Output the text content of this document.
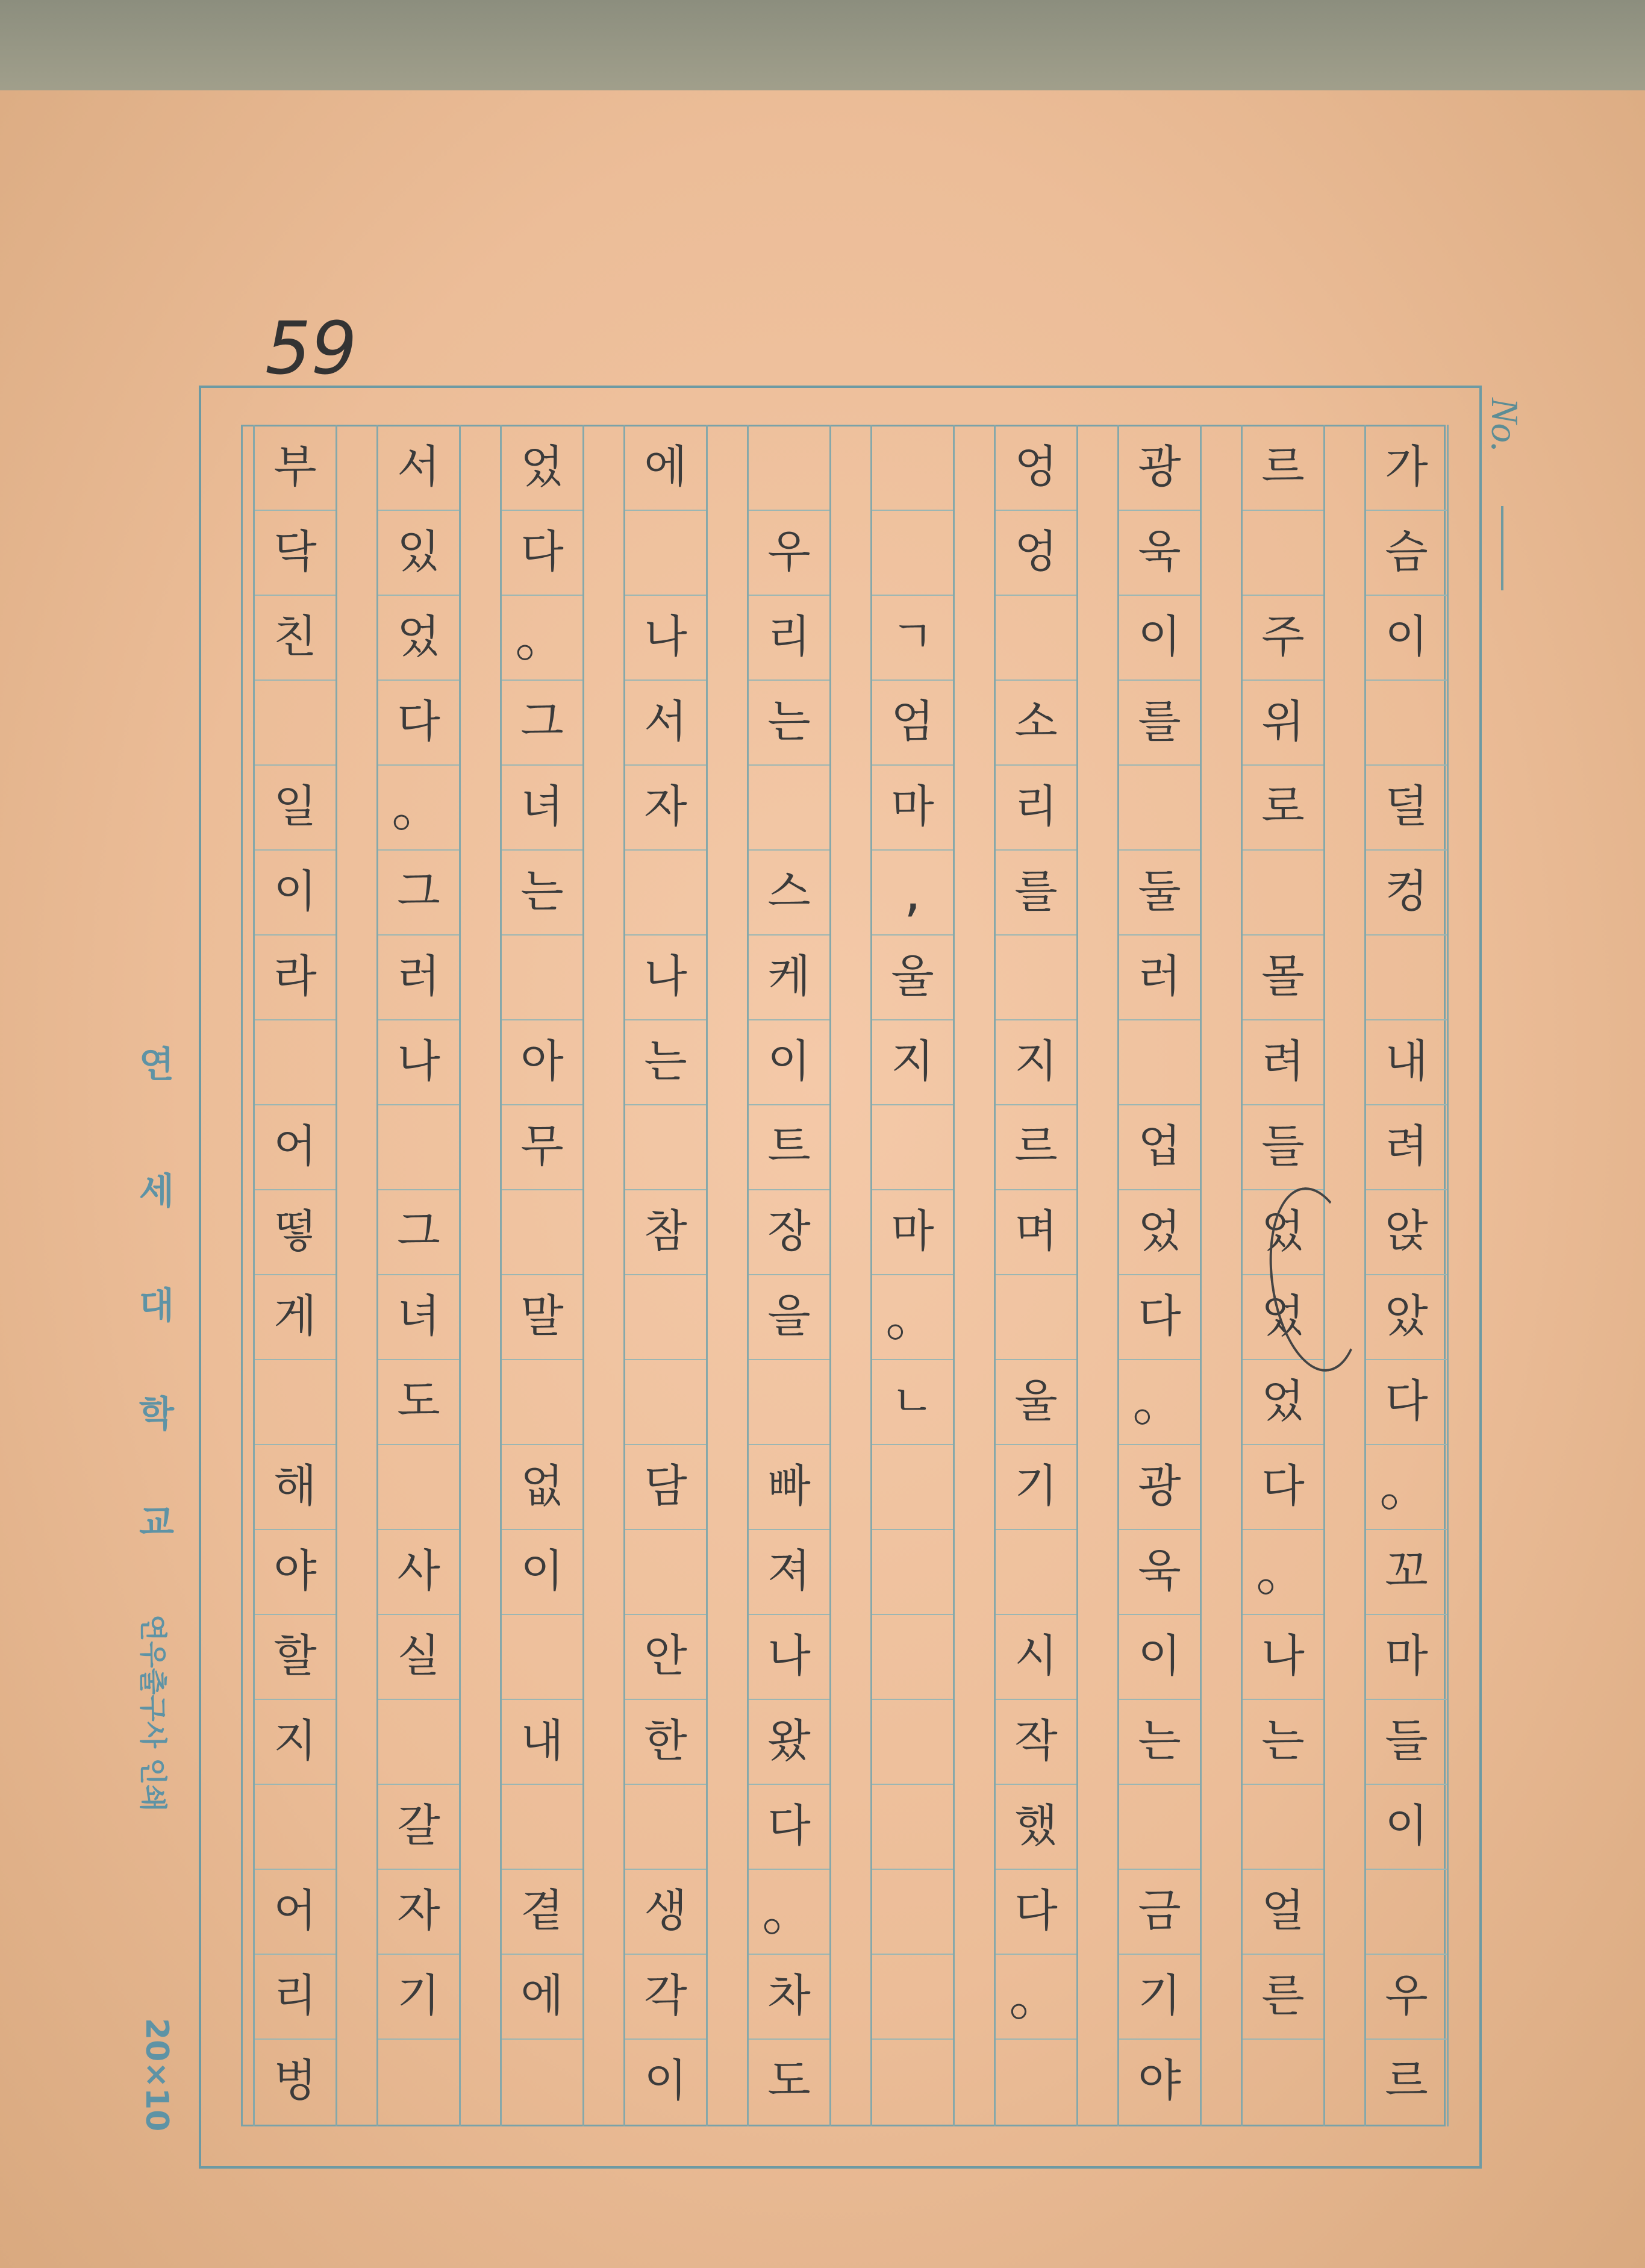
59
No.
가
슴
이
덜
컹
내
려
앉
았
다
。
꼬
마
들
이
우
르
르
주
위
로
몰
려
들
었
었
었
다
。
나
는
얼
른
광
욱
이
를
둘
러
업
었
다
。
광
욱
이
는
금
기
야
엉
엉
소
리
를
지
르
며
울
기
시
작
했
다
。
ㄱ
엄
마
,
울
지
마
。
ㄴ
우
리
는
스
케
이
트
장
을
빠
져
나
왔
다
。
차
도
에
나
서
자
나
는
참
담
안
한
생
각
이
었
다
。
그
녀
는
아
무
말
없
이
내
곁
에
서
있
었
다
。
그
러
나
그
녀
도
사
실
갈
자
기
부
닥
친
일
이
라
어
떻
게
해
야
할
지
어
리
벙
연
세
대
학
교
연우출구사 인쇄
20×10
